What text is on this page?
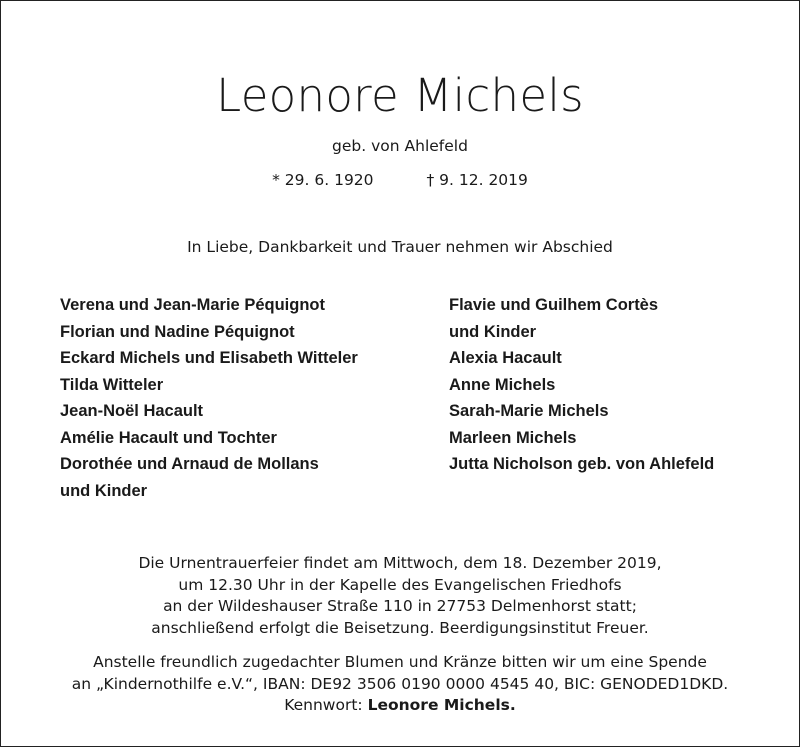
Leonore Michels
geb. von Ahlefeld
* 29. 6. 1920	† 9. 12. 2019
In Liebe, Dankbarkeit und Trauer nehmen wir Abschied
Verena und Jean-Marie Péquignot
Florian und Nadine Péquignot
Eckard Michels und Elisabeth Witteler
Tilda Witteler
Jean-Noël Hacault
Amélie Hacault und Tochter
Dorothée und Arnaud de Mollans
und Kinder
Flavie und Guilhem Cortès
und Kinder
Alexia Hacault
Anne Michels
Sarah-Marie Michels
Marleen Michels
Jutta Nicholson geb. von Ahlefeld
Die Urnentrauerfeier findet am Mittwoch, dem 18. Dezember 2019,
um 12.30 Uhr in der Kapelle des Evangelischen Friedhofs
an der Wildeshauser Straße 110 in 27753 Delmenhorst statt;
anschließend erfolgt die Beisetzung. Beerdigungsinstitut Freuer.
Anstelle freundlich zugedachter Blumen und Kränze bitten wir um eine Spende
an „Kindernothilfe e.V.“, IBAN: DE92 3506 0190 0000 4545 40, BIC: GENODED1DKD.
Kennwort: Leonore Michels.
